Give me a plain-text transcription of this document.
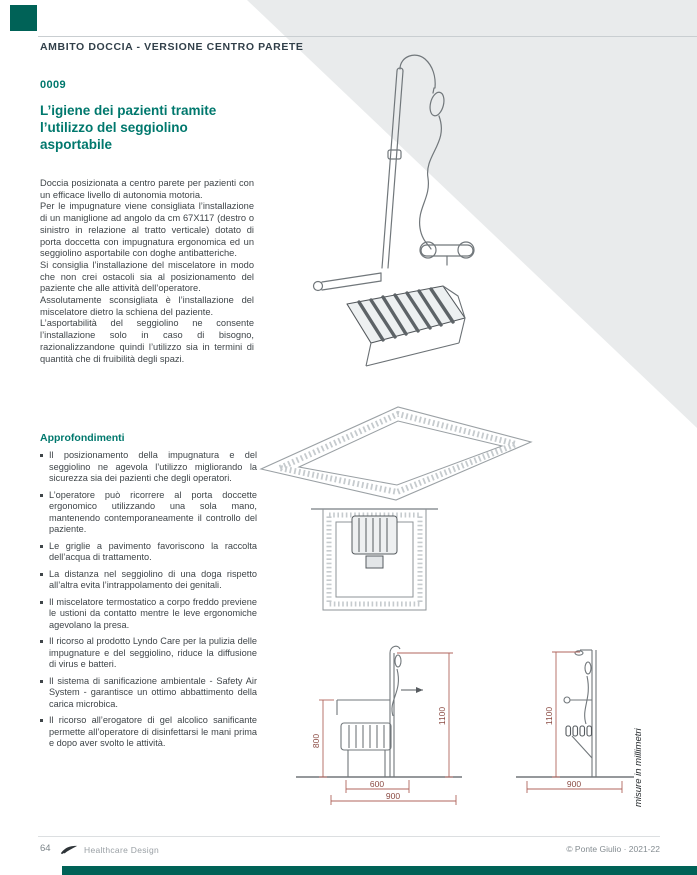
AMBITO DOCCIA - VERSIONE CENTRO PARETE
0009
L’igiene dei pazienti tramite l’utilizzo del seggiolino asportabile

Doccia posizionata a centro parete per pazienti con un efficace livello di autonomia motoria.

Per le impugnature viene consigliata l’installazione di un maniglione ad angolo da cm 67X117 (destro o sinistro in relazione al tratto verticale) dotato di porta doccetta con impugnatura ergonomica ed un seggiolino asportabile con doghe antibatteriche.

Si consiglia l’installazione del miscelatore in modo che non crei ostacoli sia al posizionamento del paziente che alle attività dell’operatore.

Assolutamente sconsigliata è l’installazione del miscelatore dietro la schiena del paziente.

L’asportabilità del seggiolino ne consente l’installazione solo in caso di bisogno, razionalizzandone quindi l’utilizzo sia in termini di quantità che di fruibilità degli spazi.

Approfondimenti
Il posizionamento della impugnatura e del seggiolino ne agevola l’utilizzo migliorando la sicurezza sia dei pazienti che degli operatori.
L’operatore può ricorrere al porta doccette ergonomico utilizzando una sola mano, mantenendo contemporaneamente il controllo del paziente.
Le griglie a pavimento favoriscono la raccolta dell’acqua di trattamento.
La distanza nel seggiolino di una doga rispetto all’altra evita l’intrappolamento dei genitali.
Il miscelatore termostatico a corpo freddo previene le ustioni da contatto mentre le leve ergonomiche agevolano la presa.
Il ricorso al prodotto Lyndo Care per la pulizia delle impugnature e del seggiolino, riduce la diffusione di virus e batteri.
Il sistema di sanificazione ambientale - Safety Air System - garantisce un ottimo abbattimento della carica microbica.
Il ricorso all’erogatore di gel alcolico sanificante permette all’operatore di disinfettarsi le mani prima e dopo aver svolto le attività.	800
1100
600
900
1100
900	misure in millimetri
64	Healthcare Design	© Ponte Giulio · 2021-22
